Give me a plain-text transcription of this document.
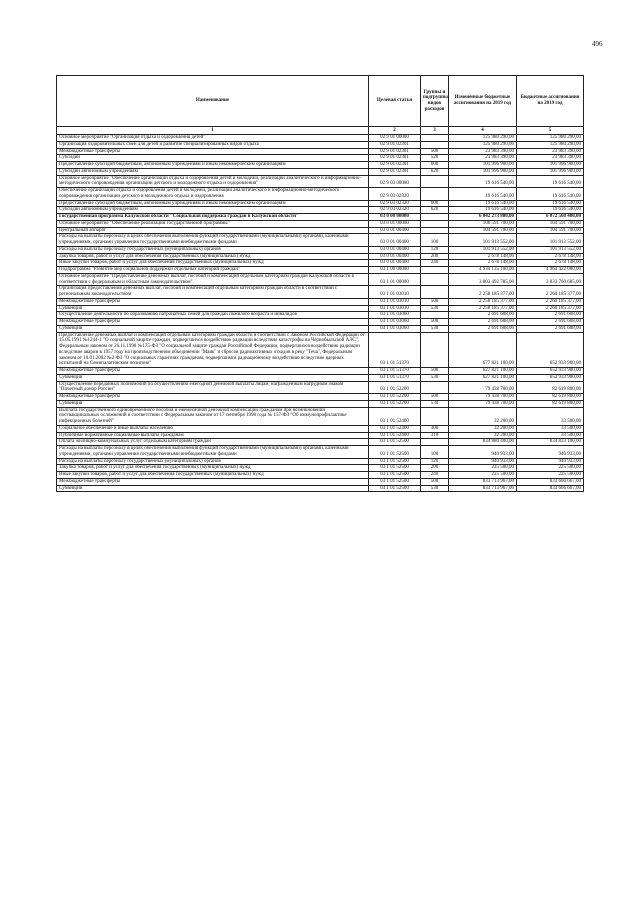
496
Наименование	Целевая статья	Группы и подгруппы видов расходов	Изменённые бюджетные ассигнования на 2019 год	Бюджетные ассигнования на 2019 год
1	2	3	4	5
Основное мероприятие "Организация отдыха и оздоровления детей"	02 9 01 00000		125 980 290,00	125 980 290,00
Организация оздоровительных смен для детей и развитие специализированных видов отдыха	02 9 01 02301		125 980 290,00	125 980 290,00
Межбюджетные трансферты	02 9 01 02301	500	23 983 390,00	23 983 390,00
Субсидии	02 9 01 02301	520	23 983 390,00	23 983 390,00
Предоставление субсидий бюджетным, автономным учреждениям и иным некоммерческим организациям	02 9 01 02301	600	101 996 900,00	101 996 900,00
Субсидии автономным учреждениям	02 9 01 02301	620	101 996 900,00	101 996 900,00
Основное мероприятие "Обеспечение организации отдыха и оздоровления детей и молодежи, реализации аналитического и информационно-методического сопровождения организации детского и молодежного отдыха и оздоровления"	02 9 03 00000		19 616 540,00	19 616 540,00
Обеспечение организации отдыха и оздоровления детей и молодежи, реализации аналитического и информационно-методического сопровождения организации детского и молодежного отдыха и оздоровления	02 9 03 02320		19 616 540,00	19 616 540,00
Предоставление субсидий бюджетным, автономным учреждениям и иным некоммерческим организациям	02 9 03 02320	600	19 616 540,00	19 616 540,00
Субсидии автономным учреждениям	02 9 03 02320	620	19 616 540,00	19 616 540,00
Государственная программа Калужской области "Социальная поддержка граждан в Калужской области"	03 0 00 00000		6 042 273 800,00	6 072 560 400,00
Основное мероприятие "Обеспечение реализации государственной программы"	03 0 01 00000		106 591 700,00	104 591 700,00
Центральный аппарат	03 0 01 00400		104 591 700,00	104 591 700,00
Расходы на выплаты персоналу в целях обеспечения выполнения функций государственными (муниципальными) органами, казенными учреждениями, органами управления государственными внебюджетными фондами	03 0 01 00400	100	101 913 552,00	101 913 552,00
Расходы на выплаты персоналу государственных (муниципальных) органов	03 0 01 00400	120	101 913 552,00	101 913 552,00
Закупка товаров, работ и услуг для обеспечения государственных (муниципальных) нужд	03 0 01 00400	200	2 678 148,00	2 678 148,00
Иные закупки товаров, работ и услуг для обеспечения государственных (муниципальных) нужд	03 0 01 00400	240	2 678 148,00	2 678 148,00
Подпрограмма "Развитие мер социальной поддержки отдельных категорий граждан"	03 1 00 00000		4 934 135 100,00	4 964 422 000,00
Основное мероприятие "Предоставление денежных выплат, пособий и компенсаций отдельным категориям граждан Калужской области в соответствии с федеральным и областным законодательством"	03 1 01 00000		3 803 492 785,00	3 833 760 685,00
Организация предоставления денежных выплат, пособий и компенсаций отдельным категориям граждан области в соответствии с региональным законодательством	03 1 01 03010		2 258 185 377,00	2 260 185 377,00
Межбюджетные трансферты	03 1 01 03010	500	2 258 185 377,00	2 260 185 377,00
Субвенции	03 1 01 03010	530	2 258 185 377,00	2 260 185 377,00
Осуществление деятельности по образованию патронатных семей для граждан пожилого возраста и инвалидов	03 1 01 03060		2 691 608,00	2 691 608,00
Межбюджетные трансферты	03 1 01 03060	500	2 691 608,00	2 691 608,00
Субвенции	03 1 01 03060	530	2 691 608,00	2 691 608,00
Предоставление денежных выплат и компенсаций отдельным категориям граждан области в соответствии с Законом Российской Федерации от 15.05.1991 №1244-1 "О социальной защите граждан, подвергшихся воздействию радиации вследствие катастрофы на Чернобыльской АЭС", Федеральным законом от 26.11.1998 №175-ФЗ "О социальной защите граждан Российской Федерации, подвергшихся воздействию радиации вследствие аварии в 1957 году на производственном объединении "Маяк" и сбросов радиоактивных отходов в реку "Теча", Федеральным законом от 10.01.2002 №2-ФЗ "О социальных гарантиях гражданам, подвергшимся радиационному воздействию вследствие ядерных испытаний на Семипалатинском полигоне"	03 1 01 51370		677 821 100,00	652 933 900,00
Межбюджетные трансферты	03 1 01 51370	500	627 821 100,00	652 933 900,00
Субвенции	03 1 01 51370	530	627 821 100,00	652 933 900,00
Осуществление переданных полномочий по осуществлению ежегодной денежной выплаты лицам, награжденным нагрудным знаком "Почетный донор России"	03 1 01 52200		79 438 700,00	82 619 800,00
Межбюджетные трансферты	03 1 01 52200	500	79 438 700,00	82 619 800,00
Субвенции	03 1 01 52200	530	79 438 700,00	82 619 800,00
Выплата государственного единовременного пособия и ежемесячной денежной компенсации гражданам при возникновении поствакцинальных осложнений в соответствии с Федеральным законом от 17 сентября 1998 года № 157-ФЗ "Об иммунопрофилактике инфекционных болезней"	03 1 01 52400		32 200,00	33 500,00
Социальное обеспечение и иные выплаты населению	03 1 01 52400	300	32 200,00	33 500,00
Публичные нормативные социальные выплаты гражданам	03 1 01 52400	310	32 200,00	33 500,00
Оплата жилищно-коммунальных услуг отдельным категориям граждан	03 1 01 52500		834 880 400,00	834 833 100,00
Расходы на выплаты персоналу в целях обеспечения выполнения функций государственными (муниципальными) органами, казенными учреждениями, органами управления государственными внебюджетными фондами	03 1 01 52500	100	940 933,00	940 933,00
Расходы на выплаты персоналу государственных (муниципальных) органов	03 1 01 52500	120	940 933,00	940 933,00
Закупка товаров, работ и услуг для обеспечения государственных (муниципальных) нужд	03 1 01 52500	200	225 500,00	225 500,00
Иные закупки товаров, работ и услуг для обеспечения государственных (муниципальных) нужд	03 1 01 52500	240	225 500,00	225 500,00
Межбюджетные трансферты	03 1 01 52500	500	833 713 967,00	833 666 667,00
Субвенции	03 1 01 52500	530	833 713 967,00	833 666 667,00
